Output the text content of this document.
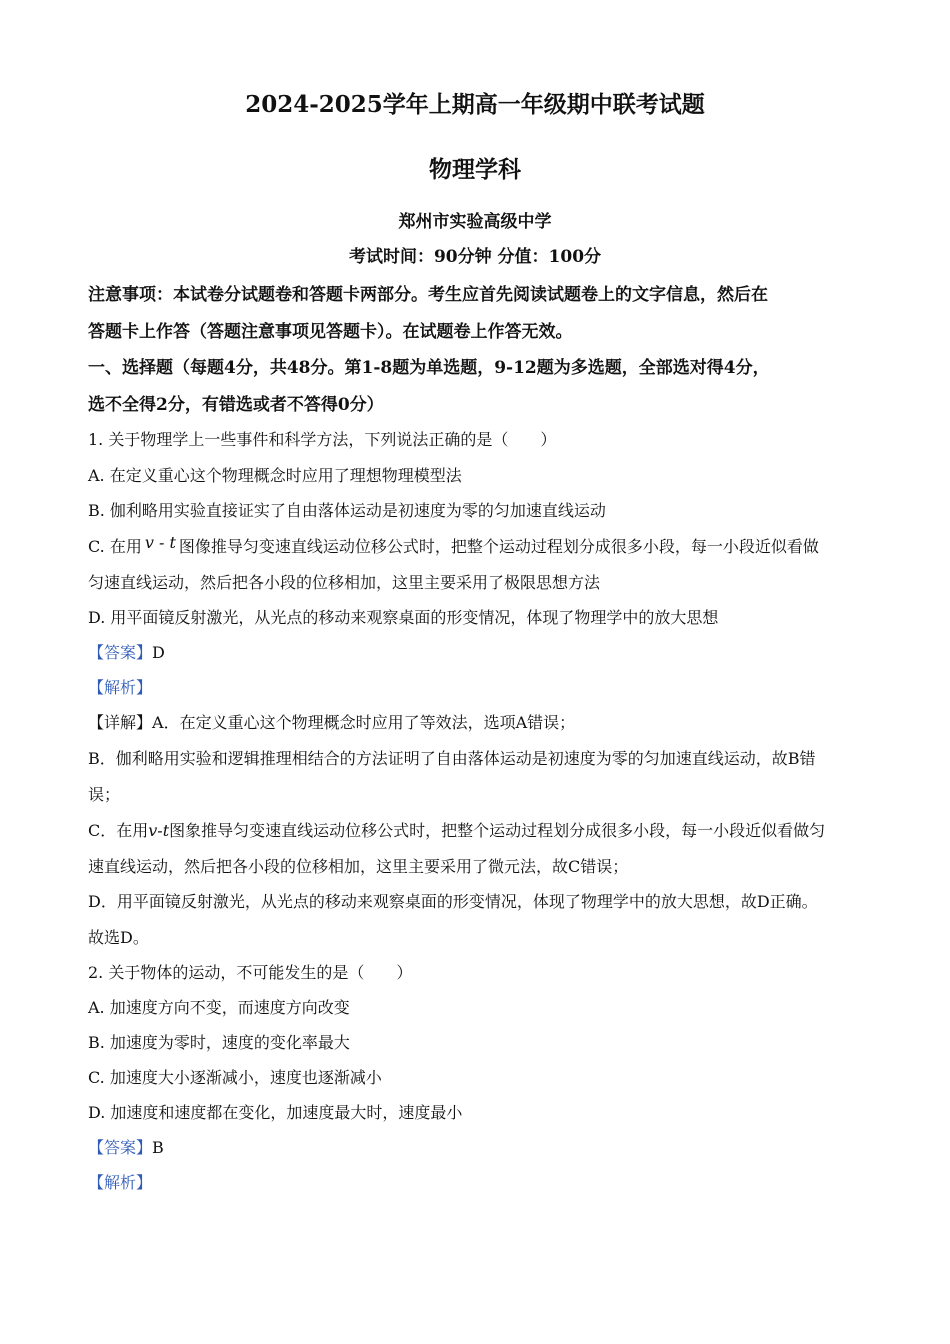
2024-2025学年上期高一年级期中联考试题
物理学科
郑州市实验高级中学
考试时间：90分钟 分值：100分
注意事项：本试卷分试题卷和答题卡两部分。考生应首先阅读试题卷上的文字信息，然后在
答题卡上作答（答题注意事项见答题卡）。在试题卷上作答无效。
一、选择题（每题4分，共48分。第1-8题为单选题，9-12题为多选题，全部选对得4分，
选不全得2分，有错选或者不答得0分）
1. 关于物理学上一些事件和科学方法，下列说法正确的是（　　）
A. 在定义重心这个物理概念时应用了理想物理模型法
B. 伽利略用实验直接证实了自由落体运动是初速度为零的匀加速直线运动
C. 在用 v - t 图像推导匀变速直线运动位移公式时，把整个运动过程划分成很多小段，每一小段近似看做
匀速直线运动，然后把各小段的位移相加，这里主要采用了极限思想方法
D. 用平面镜反射激光，从光点的移动来观察桌面的形变情况，体现了物理学中的放大思想
【答案】D
【解析】
【详解】A．在定义重心这个物理概念时应用了等效法，选项A错误；
B．伽利略用实验和逻辑推理相结合的方法证明了自由落体运动是初速度为零的匀加速直线运动，故B错
误；
C．在用v-t图象推导匀变速直线运动位移公式时，把整个运动过程划分成很多小段，每一小段近似看做匀
速直线运动，然后把各小段的位移相加，这里主要采用了微元法，故C错误；
D．用平面镜反射激光，从光点的移动来观察桌面的形变情况，体现了物理学中的放大思想，故D正确。
故选D。
2. 关于物体的运动，不可能发生的是（　　）
A. 加速度方向不变，而速度方向改变
B. 加速度为零时，速度的变化率最大
C. 加速度大小逐渐减小，速度也逐渐减小
D. 加速度和速度都在变化，加速度最大时，速度最小
【答案】B
【解析】
